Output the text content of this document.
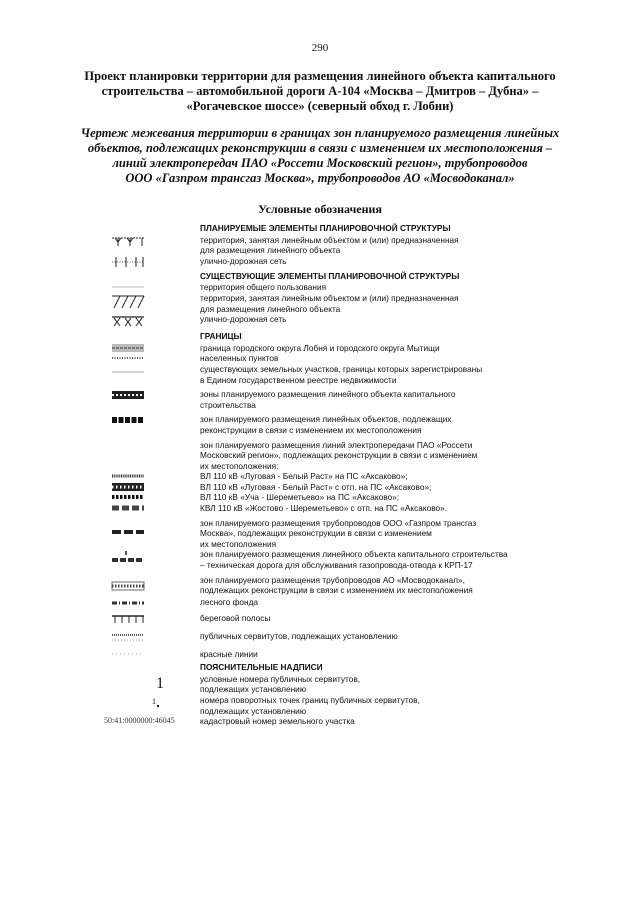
290
Проект планировки территории для размещения линейного объекта капитального
строительства – автомобильной дороги А-104 «Москва – Дмитров – Дубна» –
«Рогачевское шоссе» (северный обход г. Лобни)
Чертеж межевания территории в границах зон планируемого размещения линейных
объектов, подлежащих реконструкции в связи с изменением их местоположения –
линий электропередач ПАО «Россети Московский регион», трубопроводов
ООО «Газпром трансгаз Москва», трубопроводов АО «Мосводоканал»
Условные обозначения
ПЛАНИРУЕМЫЕ ЭЛЕМЕНТЫ ПЛАНИРОВОЧНОЙ СТРУКТУРЫ
территория, занятая линейным объектом и (или) предназначенная
для размещения линейного объекта
улично-дорожная сеть
СУЩЕСТВУЮЩИЕ ЭЛЕМЕНТЫ ПЛАНИРОВОЧНОЙ СТРУКТУРЫ
территория общего пользования
территория, занятая линейным объектом и (или) предназначенная
для размещения линейного объекта
улично-дорожная сеть
ГРАНИЦЫ
граница городского округа Лобня и городского округа Мытищи
населенных пунктов
существующих земельных участков, границы которых зарегистрированы
в Едином государственном реестре недвижимости
зоны планируемого размещения линейного объекта капитального
строительства
зон планируемого размещения линейных объектов, подлежащих
реконструкции в связи с изменением их местоположения
зон планируемого размещения линий электропередачи ПАО «Россети
Московский регион», подлежащих реконструкции в связи с изменением
их местоположения:
ВЛ 110 кВ «Луговая - Белый Раст» на ПС «Аксаково»;
ВЛ 110 кВ «Луговая - Белый Раст» с отп. на ПС «Аксаково»;
ВЛ 110 кВ «Уча - Шереметьево» на ПС «Аксаково»;
КВЛ 110 кВ «Жостово - Шереметьево» с отп. на ПС «Аксаково».
зон планируемого размещения трубопроводов ООО «Газпром трансгаз
Москва», подлежащих реконструкции в связи с изменением
их местоположения
зон планируемого размещения линейного объекта капитального строительства
– техническая дорога для обслуживания газопровода-отвода к КРП-17
зон планируемого размещения трубопроводов АО «Мосводоканал»,
подлежащих реконструкции в связи с изменением их местоположения
лесного фонда
береговой полосы
публичных сервитутов, подлежащих установлению
красные линии
ПОЯСНИТЕЛЬНЫЕ НАДПИСИ
1	условные номера публичных сервитутов,
подлежащих установлению
1	номера поворотных точек границ публичных сервитутов,
подлежащих установлению
50:41:0000000:46045	кадастровый номер земельного участка
